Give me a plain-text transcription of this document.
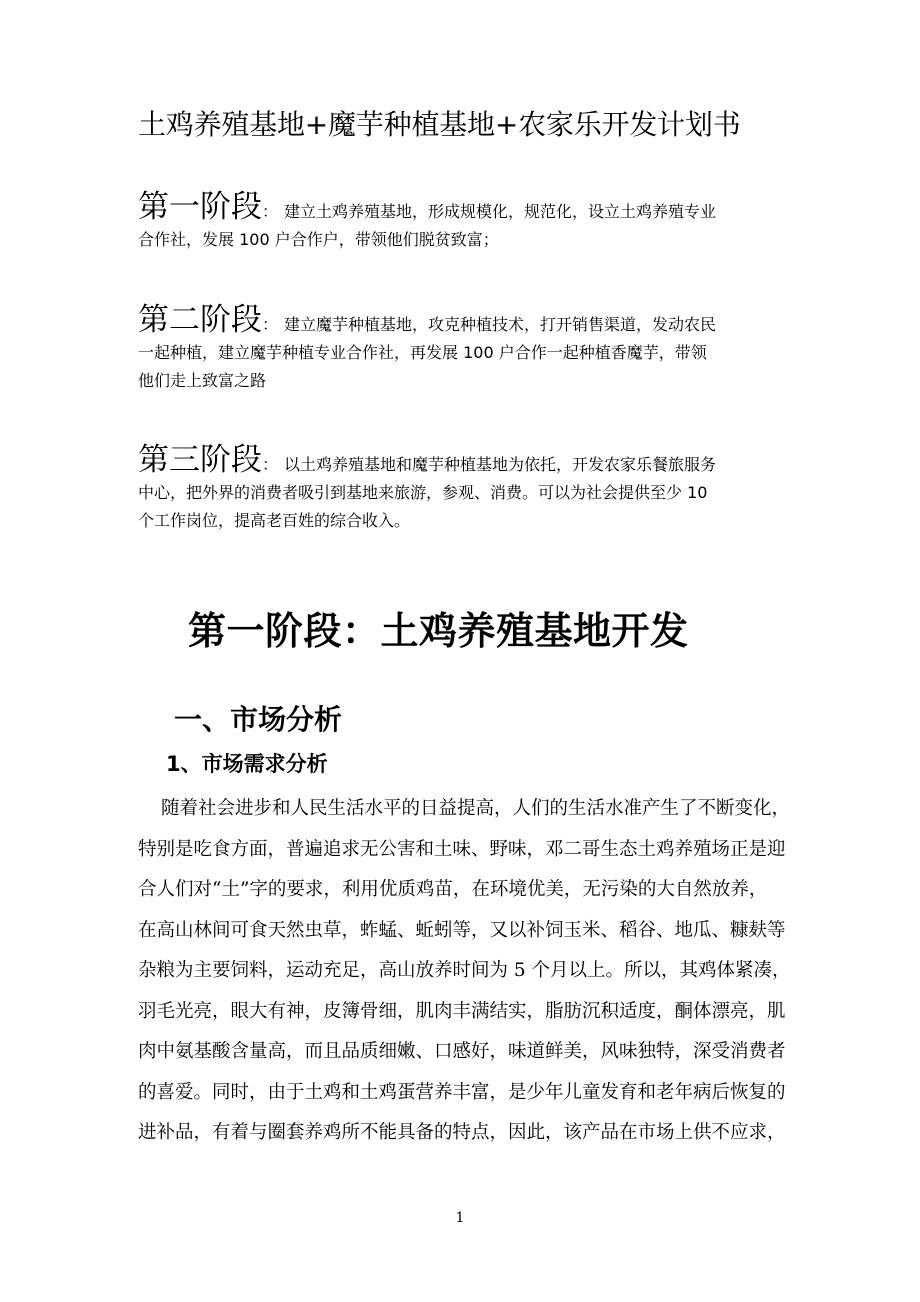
土鸡养殖基地+魔芋种植基地+农家乐开发计划书
第一阶段： 建立土鸡养殖基地，形成规模化，规范化，设立土鸡养殖专业
合作社，发展 100 户合作户，带领他们脱贫致富；
第二阶段： 建立魔芋种植基地，攻克种植技术，打开销售渠道，发动农民
一起种植，建立魔芋种植专业合作社，再发展 100 户合作一起种植香魔芋，带领
他们走上致富之路
第三阶段： 以土鸡养殖基地和魔芋种植基地为依托，开发农家乐餐旅服务
中心，把外界的消费者吸引到基地来旅游，参观、消费。可以为社会提供至少 10
个工作岗位，提高老百姓的综合收入。
第一阶段：土鸡养殖基地开发
一、市场分析
1、市场需求分析
随着社会进步和人民生活水平的日益提高，人们的生活水准产生了不断变化，
特别是吃食方面，普遍追求无公害和土味、野味，邓二哥生态土鸡养殖场正是迎
合人们对“土”字的要求，利用优质鸡苗，在环境优美，无污染的大自然放养，
在高山林间可食天然虫草，蚱蜢、蚯蚓等，又以补饲玉米、稻谷、地瓜、糠麸等
杂粮为主要饲料，运动充足，高山放养时间为 5 个月以上。所以，其鸡体紧凑，
羽毛光亮，眼大有神，皮簿骨细，肌肉丰满结实，脂肪沉积适度，酮体漂亮，肌
肉中氨基酸含量高，而且品质细嫩、口感好，味道鲜美，风味独特，深受消费者
的喜爱。同时，由于土鸡和土鸡蛋营养丰富，是少年儿童发育和老年病后恢复的
进补品，有着与圈套养鸡所不能具备的特点，因此，该产品在市场上供不应求，
1
